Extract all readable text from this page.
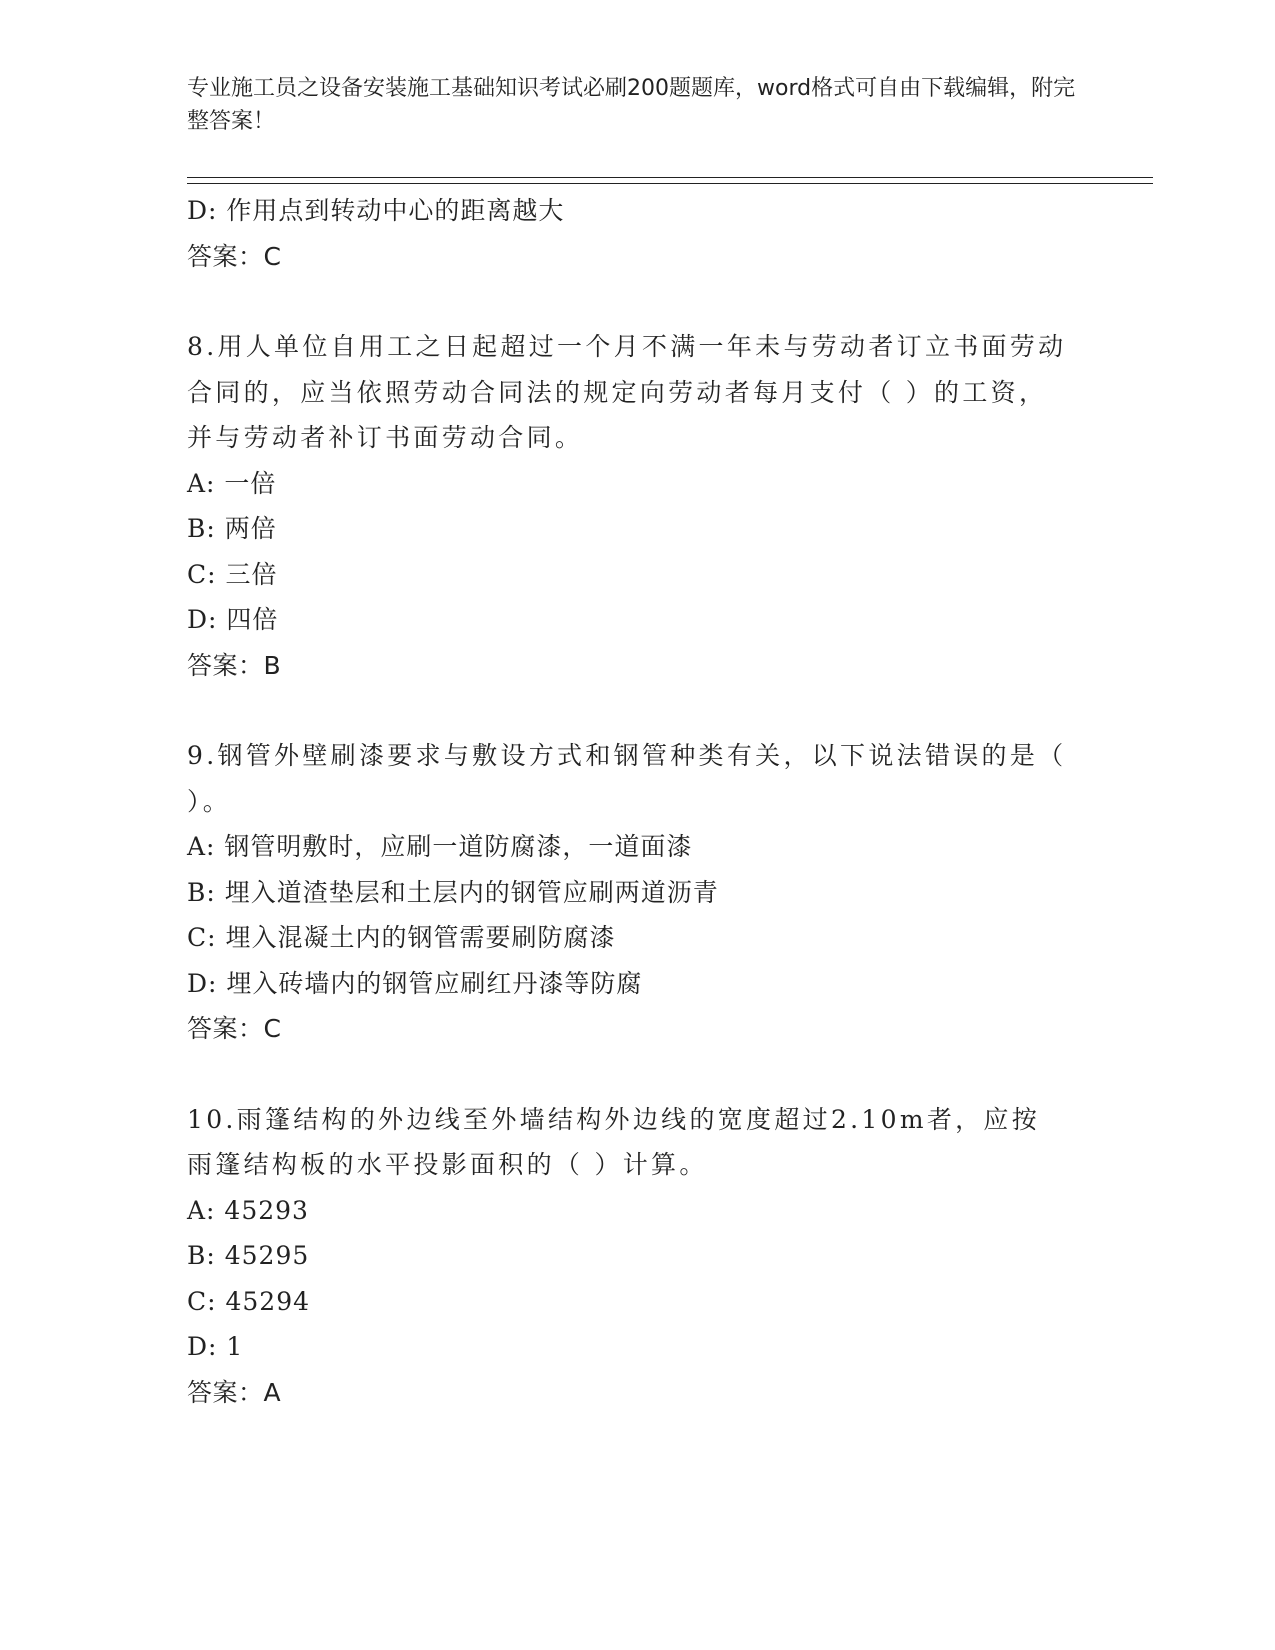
专业施工员之设备安装施工基础知识考试必刷200题题库，word格式可自由下载编辑，附完整答案！
D: 作用点到转动中心的距离越大
答案：C
8.用人单位自用工之日起超过一个月不满一年未与劳动者订立书面劳动合同的，应当依照劳动合同法的规定向劳动者每月支付（ ）的工资，并与劳动者补订书面劳动合同。
A: 一倍
B: 两倍
C: 三倍
D: 四倍
答案：B
9.钢管外壁刷漆要求与敷设方式和钢管种类有关，以下说法错误的是（ ）。
A: 钢管明敷时，应刷一道防腐漆，一道面漆
B: 埋入道渣垫层和土层内的钢管应刷两道沥青
C: 埋入混凝土内的钢管需要刷防腐漆
D: 埋入砖墙内的钢管应刷红丹漆等防腐
答案：C
10.雨篷结构的外边线至外墙结构外边线的宽度超过2.10m者，应按雨篷结构板的水平投影面积的（ ）计算。
A: 45293
B: 45295
C: 45294
D: 1
答案：A
